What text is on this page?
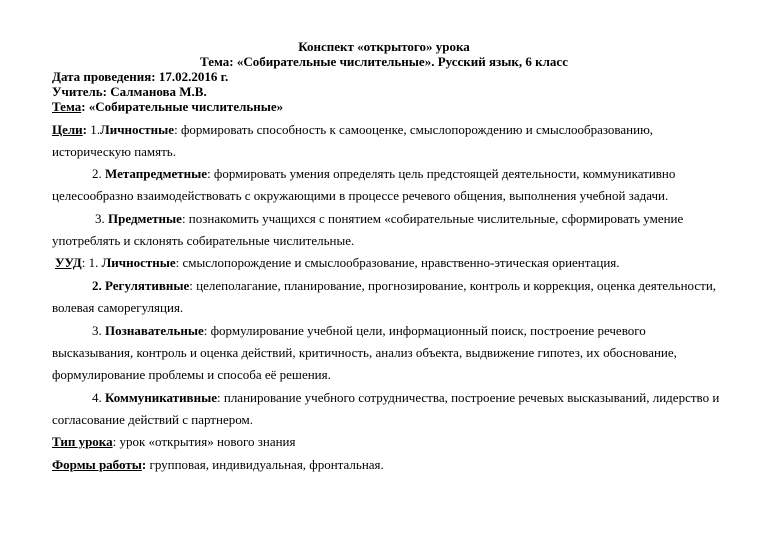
Конспект «открытого» урока
Тема: «Собирательные числительные». Русский язык, 6 класс
Дата проведения: 17.02.2016 г.
Учитель: Салманова М.В.
Тема: «Собирательные числительные»
Цели: 1.Личностные: формировать способность к самооценке, смыслопорождению и смыслообразованию,
историческую память.
2. Метапредметные: формировать умения определять цель предстоящей деятельности, коммуникативно
целесообразно взаимодействовать с окружающими в процессе речевого общения, выполнения учебной задачи.
3. Предметные: познакомить учащихся с понятием «собирательные числительные, сформировать умение
употреблять и склонять собирательные числительные.
УУД: 1. Личностные: смыслопорождение и смыслообразование, нравственно-этическая ориентация.
2. Регулятивные: целеполагание, планирование, прогнозирование, контроль и коррекция, оценка деятельности,
волевая саморегуляция.
3. Познавательные: формулирование учебной цели, информационный поиск, построение речевого
высказывания, контроль и оценка действий, критичность, анализ объекта, выдвижение гипотез, их обоснование,
формулирование проблемы и способа её решения.
4. Коммуникативные: планирование учебного сотрудничества, построение речевых высказываний, лидерство и
согласование действий с партнером.
Тип урока: урок «открытия» нового знания
Формы работы: групповая, индивидуальная, фронтальная.
